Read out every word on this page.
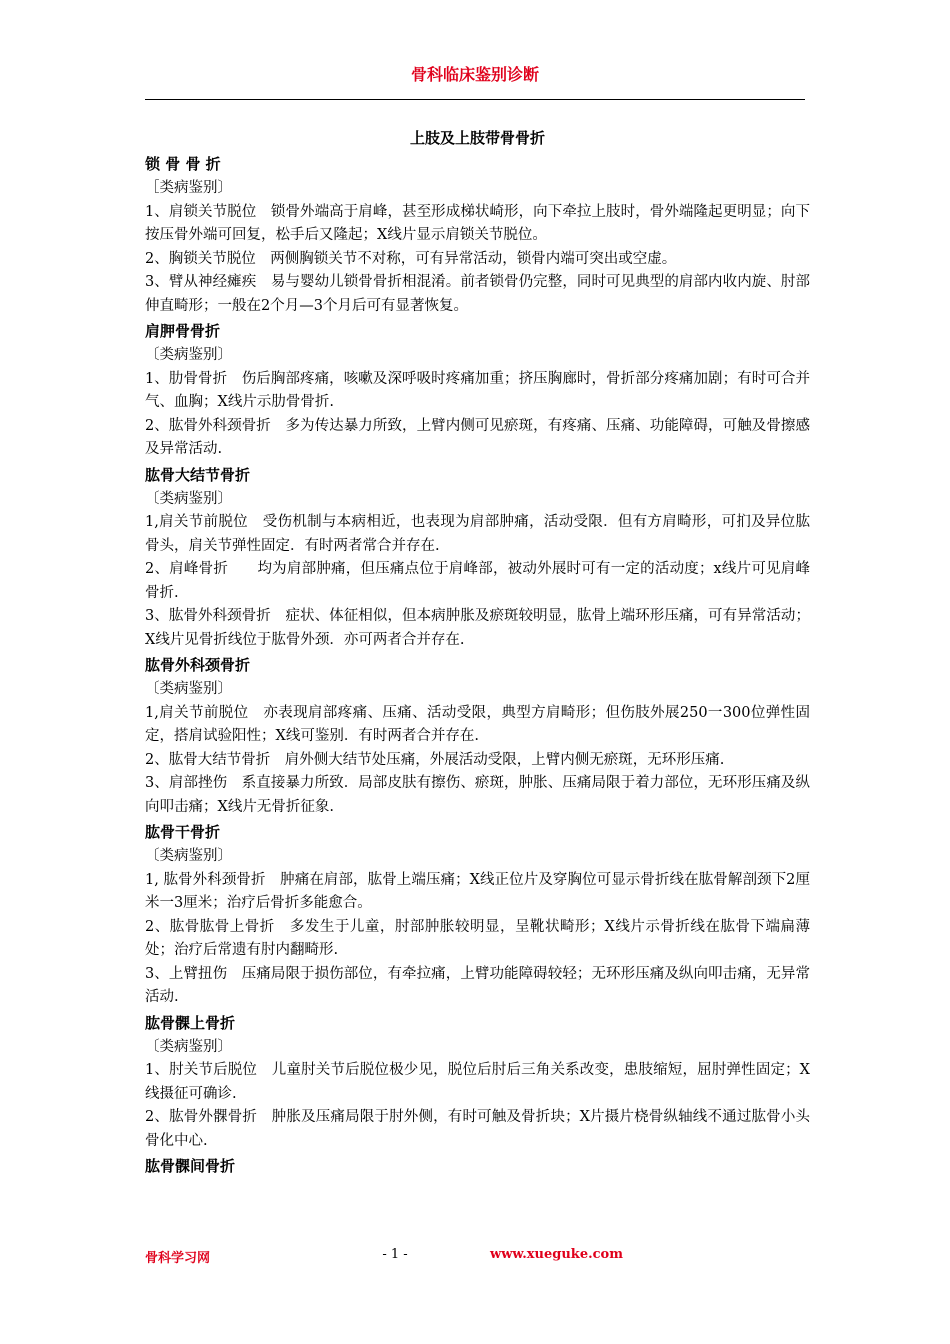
骨科临床鉴别诊断
上肢及上肢带骨骨折
锁 骨 骨 折
［类病鉴别〕
1、肩锁关节脱位　锁骨外端高于肩峰，甚至形成梯状崎形，向下牵拉上肢时，骨外端隆起更明显；向下按压骨外端可回复，松手后又隆起；X线片显示肩锁关节脱位。
2、胸锁关节脱位　两侧胸锁关节不对称，可有异常活动，锁骨内端可突出或空虚。
3、臂从神经瘫疾　易与婴幼儿锁骨骨折相混淆。前者锁骨仍完整，同时可见典型的肩部内收内旋、肘部伸直畸形；一般在2个月—3个月后可有显著恢复。
肩胛骨骨折
〔类病鉴别〕
1、肋骨骨折　伤后胸部疼痛，咳嗽及深呼吸时疼痛加重；挤压胸廊时，骨折部分疼痛加剧；有时可合并气、血胸；X线片示肋骨骨折.
2、肱骨外科颈骨折　多为传达暴力所致，上臂内侧可见瘀斑，有疼痛、压痛、功能障碍，可触及骨擦感及异常活动.
肱骨大结节骨折
〔类病鉴别〕
1,肩关节前脱位　受伤机制与本病相近，也表现为肩部肿痛，活动受限．但有方肩畸形，可扪及异位肱骨头，肩关节弹性固定．有时两者常合并存在.
2、肩峰骨折　　均为肩部肿痛，但压痛点位于肩峰部，被动外展时可有一定的活动度；x线片可见肩峰骨折.
3、肱骨外科颈骨折　症状、体征相似，但本病肿胀及瘀斑较明显，肱骨上端环形压痛，可有异常活动；X线片见骨折线位于肱骨外颈．亦可两者合并存在.
肱骨外科颈骨折
〔类病鉴别〕
1,肩关节前脱位　亦表现肩部疼痛、压痛、活动受限，典型方肩畸形；但伤肢外展250一300位弹性固定，搭肩试验阳性；X线可鉴别．有时两者合并存在.
2、肱骨大结节骨折　肩外侧大结节处压痛，外展活动受限，上臂内侧无瘀斑，无环形压痛.
3、肩部挫伤　系直接暴力所致．局部皮肤有擦伤、瘀斑，肿胀、压痛局限于着力部位，无环形压痛及纵向叩击痛；X线片无骨折征象.
肱骨干骨折
〔类病鉴别〕
1, 肱骨外科颈骨折　肿痛在肩部，肱骨上端压痛；X线正位片及穿胸位可显示骨折线在肱骨解剖颈下2厘米一3厘米；治疗后骨折多能愈合。
2、肱骨肱骨上骨折　多发生于儿童，肘部肿胀较明显，呈靴状畸形；X线片示骨折线在肱骨下端扁薄处；治疗后常遗有肘内翻畸形.
3、上臂扭伤　压痛局限于损伤部位，有牵拉痛，上臂功能障碍较轻；无环形压痛及纵向叩击痛，无异常活动.
肱骨髁上骨折
〔类病鉴别〕
1、肘关节后脱位　儿童肘关节后脱位极少见，脱位后肘后三角关系改变，患肢缩短，屈肘弹性固定；X线摄征可确诊.
2、肱骨外髁骨折　肿胀及压痛局限于肘外侧，有时可触及骨折块；X片摄片桡骨纵轴线不通过肱骨小头骨化中心.
肱骨髁间骨折
骨科学习网	- 1 -	www.xueguke.com
